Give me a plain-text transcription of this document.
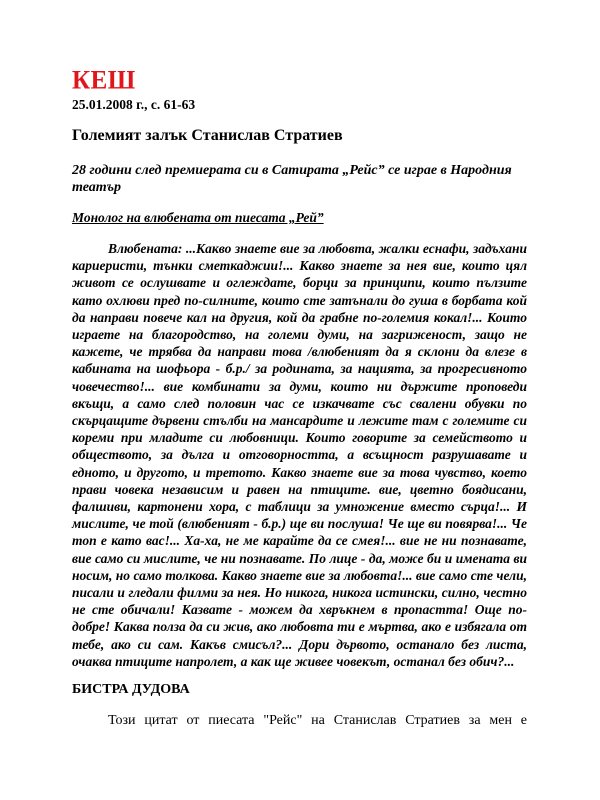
КЕШ
25.01.2008 г., с. 61-63
Големият залък Станислав Стратиев
28 години след премиерата си в Сатирата „Рейс” се играе в Народния театър
Монолог на влюбената от пиесата „Рей”

Влюбената: ...Какво знаете вие за любовта, жалки еснафи, задъхани кариеристи, тънки сметкаджии!... Какво знаете за нея вие, които цял живот се ослушвате и оглеждате, борци за принципи, които пълзите като охлюви пред по-силните, които сте затънали до гуша в борбата кой да направи повече кал на другия, кой да грабне по-големия кокал!... Които играете на благородство, на големи думи, на загриженост, защо не кажете, че трябва да направи това /влюбеният да я склони да влезе в кабината на шофьора - б.р./ за родината, за нацията, за прогресивното човечество!... вие комбинати за думи, които ни държите проповеди вкъщи, а само след половин час се изкачвате със свалени обувки по скърцащите дървени стълби на мансардите и лежите там с големите си кореми при младите си любовници. Които говорите за семейството и обществото, за дълга и отговорността, а всъщност разрушавате и едното, и другото, и третото. Какво знаете вие за това чувство, което прави човека независим и равен на птиците. вие, цветно боядисани, фалшиви, картонени хора, с таблици за умножение вместо сърца!... И мислите, че той (влюбеният - б.р.) ще ви послуша! Че ще ви повярва!... Че топ е като вас!... Ха-ха, не ме карайте да се смея!... вие не ни познавате, вие само си мислите, че ни познавате. По лице - да, може би и имената ви носим, но само толкова. Какво знаете вие за любовта!... вие само сте чели, писали и гледали филми за нея. Но никога, никога истински, силно, честно не сте обичали! Казвате - можем да хвръкнем в пропастта! Още по-добре! Каква полза да си жив, ако любовта ти е мъртва, ако е избягала от тебе, ако си сам. Какъв смисъл?... Дори дървото, останало без листа, очаква птиците напролет, а как ще живее човекът, останал без обич?...

БИСТРА ДУДОВА

Този цитат от пиесата "Рейс" на Станислав Стратиев за мен е
